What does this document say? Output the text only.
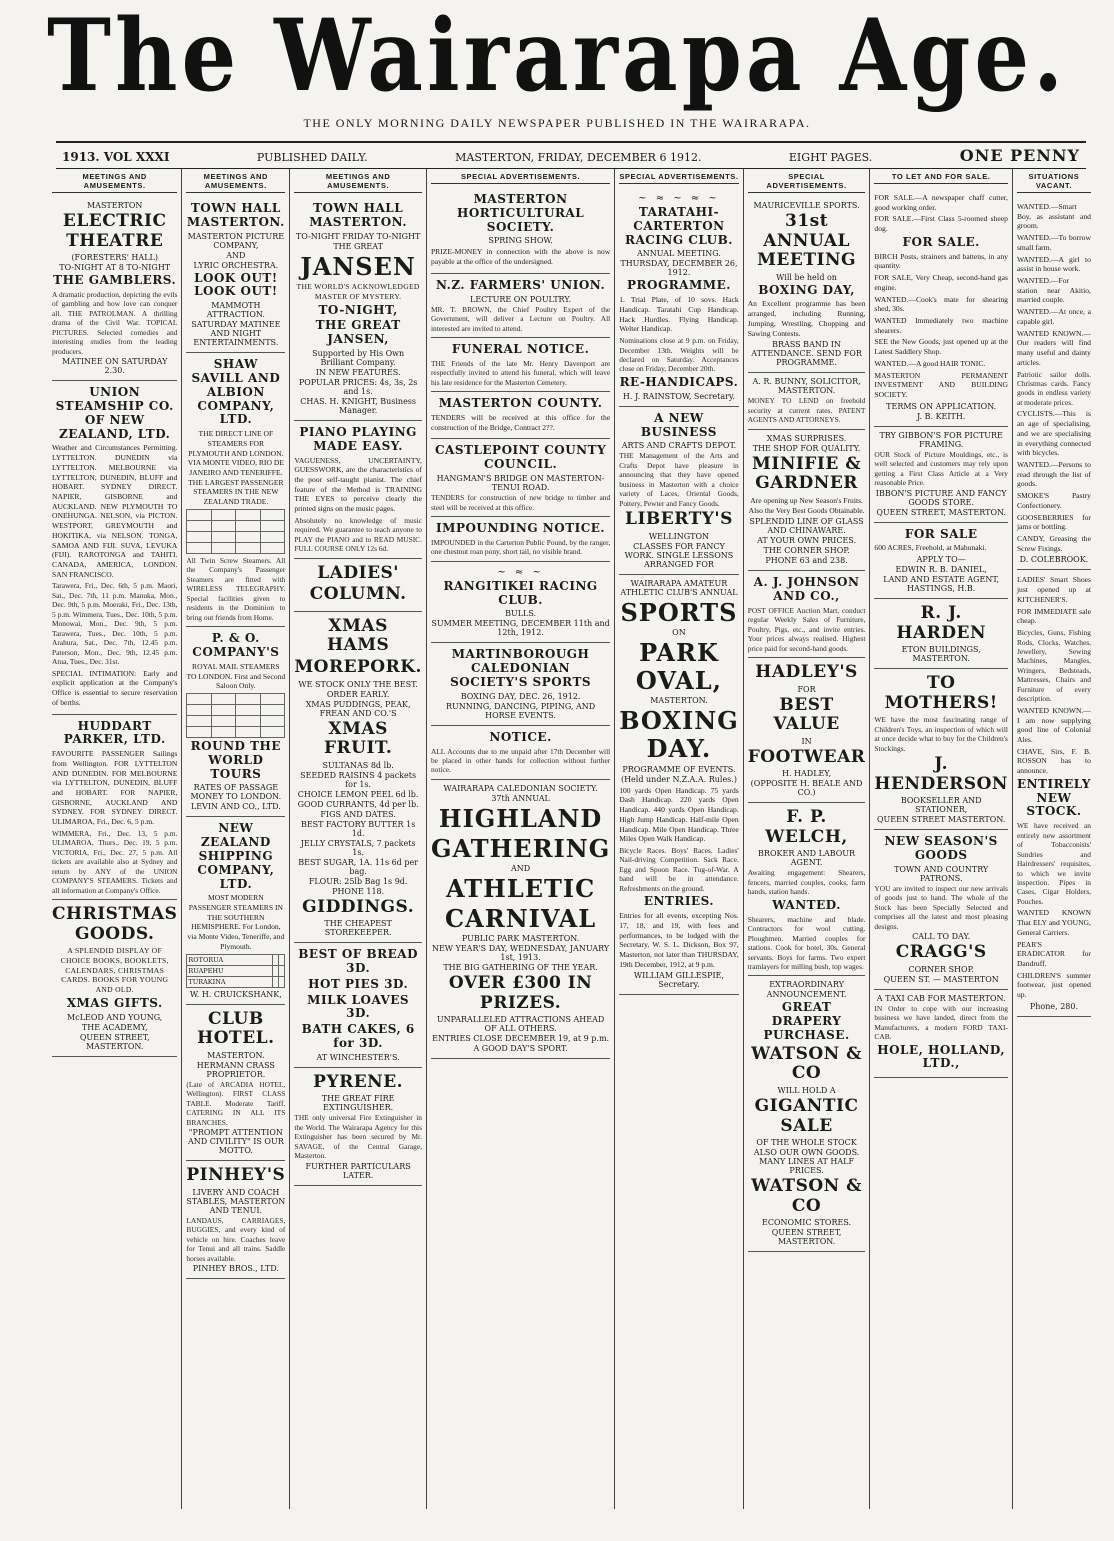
The Wairarapa Age.
THE ONLY MORNING DAILY NEWSPAPER PUBLISHED IN THE WAIRARAPA.
1913. VOL XXXI	PUBLISHED DAILY.	MASTERTON, FRIDAY, DECEMBER 6 1912.	EIGHT PAGES.	ONE PENNY
MEETINGS AND AMUSEMENTS.
MASTERTON
ELECTRIC THEATRE
(FORESTERS' HALL)
TO-NIGHT AT 8 TO-NIGHT
THE GAMBLERS.
A dramatic production, depicting the evils of gambling and how love can conquer all. THE PATROLMAN. A thrilling drama of the Civil War. TOPICAL PICTURES. Selected comedies and interesting studies from the leading producers.
MATINEE ON SATURDAY 2.30.
UNION STEAMSHIP CO. OF NEW ZEALAND, LTD.
Weather and Circumstances Permitting. LYTTELTON. DUNEDIN via LYTTELTON. MELBOURNE via LYTTELTON, DUNEDIN, BLUFF and HOBART. SYDNEY DIRECT. NAPIER, GISBORNE and AUCKLAND. NEW PLYMOUTH TO ONEHUNGA. NELSON, via PICTON. WESTPORT, GREYMOUTH and HOKITIKA, via NELSON. TONGA, SAMOA AND FIJI. SUVA, LEVUKA (FIJI). RAROTONGA and TAHITI. CANADA, AMERICA, LONDON. SAN FRANCISCO.
Tarawera, Fri., Dec. 6th, 5 p.m. Maori, Sat., Dec. 7th, 11 p.m. Manuka, Mon., Dec. 9th, 5 p.m. Moeraki, Fri., Dec. 13th, 5 p.m. Wimmera, Tues., Dec. 10th, 5 p.m. Monowai, Mon., Dec. 9th, 5 p.m. Tarawera, Tues., Dec. 10th, 5 p.m. Arahura, Sat., Dec. 7th, 12.45 p.m. Paterson, Mon., Dec. 9th, 12.45 p.m. Atua, Tues., Dec. 31st.
SPECIAL INTIMATION: Early and explicit application at the Company's Office is essential to secure reservation of berths.
HUDDART PARKER, LTD.
FAVOURITE PASSENGER Sailings from Wellington. FOR LYTTELTON AND DUNEDIN. FOR MELBOURNE via LYTTELTON, DUNEDIN, BLUFF and HOBART. FOR NAPIER, GISBORNE, AUCKLAND AND SYDNEY. FOR SYDNEY DIRECT. ULIMAROA, Fri., Dec. 6, 5 p.m.
WIMMERA, Fri., Dec. 13, 5 p.m. ULIMAROA, Thurs., Dec. 19, 5 p.m. VICTORIA, Fri., Dec. 27, 5 p.m. All tickets are available also at Sydney and return by ANY of the UNION COMPANY'S STEAMERS. Tickets and all information at Company's Office.
CHRISTMAS GOODS.
A SPLENDID DISPLAY OF CHOICE BOOKS, BOOKLETS, CALENDARS, CHRISTMAS CARDS. BOOKS FOR YOUNG AND OLD.
XMAS GIFTS.
McLEOD AND YOUNG,
THE ACADEMY,
QUEEN STREET, MASTERTON.
MEETINGS AND AMUSEMENTS.
TOWN HALL MASTERTON.
MASTERTON PICTURE COMPANY,
AND
LYRIC ORCHESTRA.
LOOK OUT! LOOK OUT!
MAMMOTH ATTRACTION.
SATURDAY MATINEE AND NIGHT ENTERTAINMENTS.
SHAW SAVILL AND ALBION COMPANY, LTD.
THE DIRECT LINE OF STEAMERS FOR PLYMOUTH AND LONDON. VIA MONTE VIDEO, RIO DE JANEIRO AND TENERIFFE. THE LARGEST PASSENGER STEAMERS IN THE NEW ZEALAND TRADE.

All Twin Screw Steamers. All the Company's Passenger Steamers are fitted with WIRELESS TELEGRAPHY. Special facilities given to residents in the Dominion to bring out friends from Home.
P. & O. COMPANY'S
ROYAL MAIL STEAMERS TO LONDON. First and Second Saloon Only.

ROUND THE WORLD TOURS
RATES OF PASSAGE MONEY TO LONDON.
LEVIN AND CO., LTD.
NEW ZEALAND SHIPPING COMPANY, LTD.
MOST MODERN PASSENGER STEAMERS IN THE SOUTHERN HEMISPHERE. For London, via Monte Video, Teneriffe, and Plymouth.
ROTORUA		
RUAPEHU		
TURAKINA		
W. H. CRUICKSHANK,
CLUB HOTEL.
MASTERTON.
HERMANN CRASS PROPRIETOR.
(Late of ARCADIA HOTEL, Wellington). FIRST CLASS TABLE. Moderate Tariff. CATERING IN ALL ITS BRANCHES.
"PROMPT ATTENTION AND CIVILITY" IS OUR MOTTO.
PINHEY'S
LIVERY AND COACH STABLES, MASTERTON AND TENUI.
LANDAUS, CARRIAGES, BUGGIES, and every kind of vehicle on hire. Coaches leave for Tenui and all trains. Saddle horses available.
PINHEY BROS., LTD.
MEETINGS AND AMUSEMENTS.
TOWN HALL MASTERTON.
TO-NIGHT FRIDAY TO-NIGHT
THE GREAT
JANSEN
THE WORLD'S ACKNOWLEDGED MASTER OF MYSTERY.
TO-NIGHT,
THE GREAT JANSEN,
Supported by His Own Brilliant Company.
IN NEW FEATURES.
POPULAR PRICES: 4s, 3s, 2s and 1s.
CHAS. H. KNIGHT, Business Manager.
PIANO PLAYING MADE EASY.
VAGUENESS, UNCERTAINTY, GUESSWORK, are the characteristics of the poor self-taught pianist. The chief feature of the Method is TRAINING THE EYES to perceive clearly the printed signs on the music pages.
Absolutely no knowledge of music required. We guarantee to teach anyone to PLAY the PIANO and to READ MUSIC. FULL COURSE ONLY 12s 6d.
LADIES'
COLUMN.
XMAS HAMS
MOREPORK.
WE STOCK ONLY THE BEST.
ORDER EARLY.
XMAS PUDDINGS, PEAK, FREAN AND CO.'S
XMAS FRUIT.
SULTANAS 8d lb.
SEEDED RAISINS 4 packets for 1s.
CHOICE LEMON PEEL 6d lb.
GOOD CURRANTS, 4d per lb.
FIGS AND DATES.
BEST FACTORY BUTTER 1s 1d.
JELLY CRYSTALS, 7 packets 1s.
BEST SUGAR, 1A. 11s 6d per bag.
FLOUR: 25lb Bag 1s 9d.
PHONE 118.
GIDDINGS.
THE CHEAPEST STOREKEEPER.
BEST OF BREAD 3D.
HOT PIES 3D.
MILK LOAVES 3D.
BATH CAKES, 6 for 3D.
AT WINCHESTER'S.
PYRENE.
THE GREAT FIRE EXTINGUISHER.
THE only universal Fire Extinguisher in the World. The Wairarapa Agency for this Extinguisher has been secured by Mr. SAVAGE, of the Central Garage, Masterton.
FURTHER PARTICULARS LATER.
SPECIAL ADVERTISEMENTS.
MASTERTON HORTICULTURAL SOCIETY.
SPRING SHOW.
PRIZE-MONEY in connection with the above is now payable at the office of the undersigned.
N.Z. FARMERS' UNION.
LECTURE ON POULTRY.
MR. T. BROWN, the Chief Poultry Expert of the Government, will deliver a Lecture on Poultry. All interested are invited to attend.
FUNERAL NOTICE.
THE Friends of the late Mr. Henry Davenport are respectfully invited to attend his funeral, which will leave his late residence for the Masterton Cemetery.
MASTERTON COUNTY.
TENDERS will be received at this office for the construction of the Bridge, Contract 2??.
CASTLEPOINT COUNTY COUNCIL.
HANGMAN'S BRIDGE ON MASTERTON-TENUI ROAD.
TENDERS for construction of new bridge to timber and steel will be received at this office.
IMPOUNDING NOTICE.
IMPOUNDED in the Carterton Public Pound, by the ranger, one chestnut roan pony, short tail, no visible brand.
~ ≈ ~
RANGITIKEI RACING CLUB.
BULLS.
SUMMER MEETING, DECEMBER 11th and 12th, 1912.
MARTINBOROUGH CALEDONIAN SOCIETY'S SPORTS
BOXING DAY, DEC. 26, 1912.
RUNNING, DANCING, PIPING, AND HORSE EVENTS.
NOTICE.
ALL Accounts due to me unpaid after 17th December will be placed in other hands for collection without further notice.
WAIRARAPA CALEDONIAN SOCIETY.
37th ANNUAL
HIGHLAND
GATHERING
AND
ATHLETIC
CARNIVAL
PUBLIC PARK MASTERTON.
NEW YEAR'S DAY, WEDNESDAY, JANUARY 1st, 1913.
THE BIG GATHERING OF THE YEAR.
OVER £300 IN PRIZES.
UNPARALLELED ATTRACTIONS AHEAD OF ALL OTHERS.
ENTRIES CLOSE DECEMBER 19, at 9 p.m.
A GOOD DAY'S SPORT.
SPECIAL ADVERTISEMENTS.
~ ≈ ~ ≈ ~
TARATAHI-CARTERTON RACING CLUB.
ANNUAL MEETING.
THURSDAY, DECEMBER 26, 1912.
PROGRAMME.
1. Trial Plate, of 10 sovs. Hack Handicap. Taratahi Cup Handicap. Hack Hurdles. Flying Handicap. Welter Handicap.
Nominations close at 9 p.m. on Friday, December 13th. Weights will be declared on Saturday. Acceptances close on Friday, December 20th.
RE-HANDICAPS.
H. J. RAINSTOW, Secretary.
A NEW BUSINESS
ARTS AND CRAFTS DEPOT.
THE Management of the Arts and Crafts Depot have pleasure in announcing that they have opened business in Masterton with a choice variety of Laces, Oriental Goods, Pottery, Pewter and Fancy Goods.
LIBERTY'S
WELLINGTON
CLASSES FOR FANCY WORK. SINGLE LESSONS ARRANGED FOR
WAIRARAPA AMATEUR ATHLETIC CLUB'S ANNUAL
SPORTS
ON
PARK OVAL,
MASTERTON.
BOXING DAY.
PROGRAMME OF EVENTS.
(Held under N.Z.A.A. Rules.)
100 yards Open Handicap. 75 yards Dash Handicap. 220 yards Open Handicap. 440 yards Open Handicap. High Jump Handicap. Half-mile Open Handicap. Mile Open Handicap. Three Miles Open Walk Handicap.
Bicycle Races. Boys' Races. Ladies' Nail-driving Competition. Sack Race. Egg and Spoon Race. Tug-of-War. A band will be in attendance. Refreshments on the ground.
ENTRIES.
Entries for all events, excepting Nos. 17, 18, and 19, with fees and performances, to be lodged with the Secretary, W. S. L. Dickson, Box 97, Masterton, not later than THURSDAY, 19th December, 1912, at 9 p.m.
WILLIAM GILLESPIE, Secretary.
SPECIAL ADVERTISEMENTS.
MAURICEVILLE SPORTS.
31st ANNUAL MEETING
Will be held on
BOXING DAY,
An Excellent programme has been arranged, including Running, Jumping, Wrestling, Chopping and Sawing Contests.
BRASS BAND IN ATTENDANCE. SEND FOR PROGRAMME.
A. R. BUNNY, SOLICITOR, MASTERTON.
MONEY TO LEND on freehold security at current rates. PATENT AGENTS AND ATTORNEYS.
XMAS SURPRISES.
THE SHOP FOR QUALITY.
MINIFIE & GARDNER
Are opening up New Season's Fruits. Also the Very Best Goods Obtainable.
SPLENDID LINE OF GLASS AND CHINAWARE.
AT YOUR OWN PRICES.
THE CORNER SHOP.
PHONE 63 and 238.
A. J. JOHNSON AND CO.,
POST OFFICE Auction Mart, conduct regular Weekly Sales of Furniture, Poultry, Pigs, etc., and invite entries. Your prices always realised. Highest price paid for second-hand goods.
HADLEY'S
FOR
BEST VALUE
IN
FOOTWEAR
H. HADLEY,
(OPPOSITE H. BEALE AND CO.)
F. P. WELCH,
BROKER AND LABOUR AGENT.
Awaiting engagement: Shearers, fencers, married couples, cooks, farm hands, station hands.
WANTED.
Shearers, machine and blade. Contractors for wool cutting. Ploughmen. Married couples for stations. Cook for hotel, 30s. General servants. Boys for farms. Two expert tramlayers for milling bush, top wages.
EXTRAORDINARY
ANNOUNCEMENT.
GREAT DRAPERY PURCHASE.
WATSON & CO
WILL HOLD A
GIGANTIC SALE
OF THE WHOLE STOCK
ALSO OUR OWN GOODS. MANY LINES AT HALF PRICES.
WATSON & CO
ECONOMIC STORES.
QUEEN STREET, MASTERTON.
TO LET AND FOR SALE.
FOR SALE.—A newspaper chaff cutter, good working order.
FOR SALE.—First Class 5-roomed sheep dog.
FOR SALE.
BIRCH Posts, strainers and battens, in any quantity.
FOR SALE, Very Cheap, second-hand gas engine.
WANTED.—Cook's mate for shearing shed, 30s.
WANTED Immediately two machine shearers.
SEE the New Goods, just opened up at the Latest Saddlery Shop.
WANTED.—A good HAIR TONIC.
MASTERTON PERMANENT INVESTMENT AND BUILDING SOCIETY.
TERMS ON APPLICATION.
J. B. KEITH.
TRY GIBBON'S FOR PICTURE FRAMING.
OUR Stock of Picture Mouldings, etc., is well selected and customers may rely upon getting a First Class Article at a Very reasonable Price.
IBBON'S PICTURE AND FANCY GOODS STORE.
QUEEN STREET, MASTERTON.
FOR SALE
600 ACRES, Freehold, at Mahunaki.
APPLY TO—
EDWIN R. B. DANIEL,
LAND AND ESTATE AGENT, HASTINGS, H.B.
R. J. HARDEN
ETON BUILDINGS, MASTERTON.
TO MOTHERS!
WE have the most fascinating range of Children's Toys, an inspection of which will at once decide what to buy for the Children's Stockings.
J. HENDERSON
BOOKSELLER AND STATIONER,
QUEEN STREET MASTERTON.
NEW SEASON'S GOODS
TOWN AND COUNTRY PATRONS.
YOU are invited to inspect our new arrivals of goods just to hand. The whole of the Stock has been Specially Selected and comprises all the latest and most pleasing designs.
CALL TO DAY.
CRAGG'S
CORNER SHOP.
QUEEN ST. — MASTERTON
A TAXI CAB FOR MASTERTON.
IN Order to cope with our increasing business we have landed, direct from the Manufacturers, a modern FORD TAXI-CAB.
HOLE, HOLLAND, LTD.,
SITUATIONS VACANT.
WANTED.—Smart Boy, as assistant and groom.
WANTED.—To borrow small farm.
WANTED.—A girl to assist in house work.
WANTED.—For station near Akitio, married couple.
WANTED.—At once, a capable girl.
WANTED KNOWN.—Our readers will find many useful and dainty articles.
Patriotic sailor dolls. Christmas cards. Fancy goods in endless variety at moderate prices.
CYCLISTS.—This is an age of specialising, and we are specialising in everything connected with bicycles.
WANTED.—Persons to read through the list of goods.
SMOKE'S Pastry Confectionery.
GOOSEBERRIES for jams or bottling.
CANDY, Greasing the Screw Fixings.
D. COLEBROOK.
LADIES' Smart Shoes just opened up at KITCHENER'S.
FOR IMMEDIATE sale cheap.
Bicycles, Guns, Fishing Rods, Clocks, Watches, Jewellery, Sewing Machines, Mangles, Wringers, Bedsteads, Mattresses, Chairs and Furniture of every description.
WANTED KNOWN.—I am now supplying good line of Colonial Ales.
CHAVE, Sirs, F. B. ROSSON has to announce.
ENTIRELY NEW STOCK.
WE have received an entirely new assortment of Tobacconists' Sundries and Hairdressers' requisites, to which we invite inspection. Pipes in Cases, Cigar Holders, Pouches.
WANTED KNOWN That ELY and YOUNG, General Carriers.
PEAR'S ERADICATOR for Dandruff.
CHILDREN'S summer footwear, just opened up.
Phone, 280.
